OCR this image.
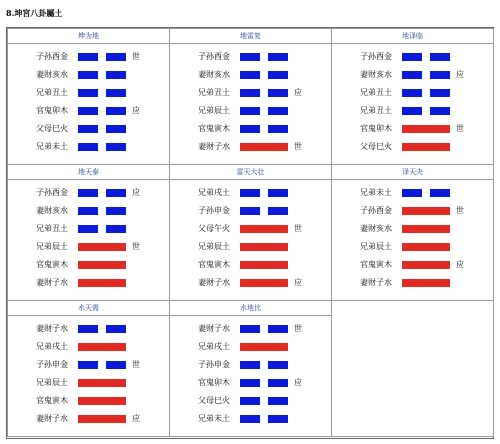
8.坤宮八卦屬土
坤为地
子孙酉金	世
妻财亥水
兄弟丑土
官鬼卯木	应
父母巳火
兄弟未土
地雷复
子孙酉金
妻财亥水
兄弟丑土	应
兄弟辰土
官鬼寅木
妻财子水	世
地泽临
子孙酉金
妻财亥水	应
兄弟丑土
兄弟丑土
官鬼卯木	世
父母巳火
地天泰
子孙酉金	应
妻财亥水
兄弟丑土
兄弟辰土	世
官鬼寅木
妻财子水
雷天大壮
兄弟戌土
子孙申金
父母午火	世
兄弟辰土
官鬼寅木
妻财子水	应
泽天夬
兄弟未土
子孙酉金	世
妻财亥水
兄弟辰土
官鬼寅木	应
妻财子水
水天需
妻财子水
兄弟戌土
子孙申金	世
兄弟辰土
官鬼寅木
妻财子水	应
水地比
妻财子水	世
兄弟戌土
子孙申金
官鬼卯木	应
父母巳火
兄弟未土
